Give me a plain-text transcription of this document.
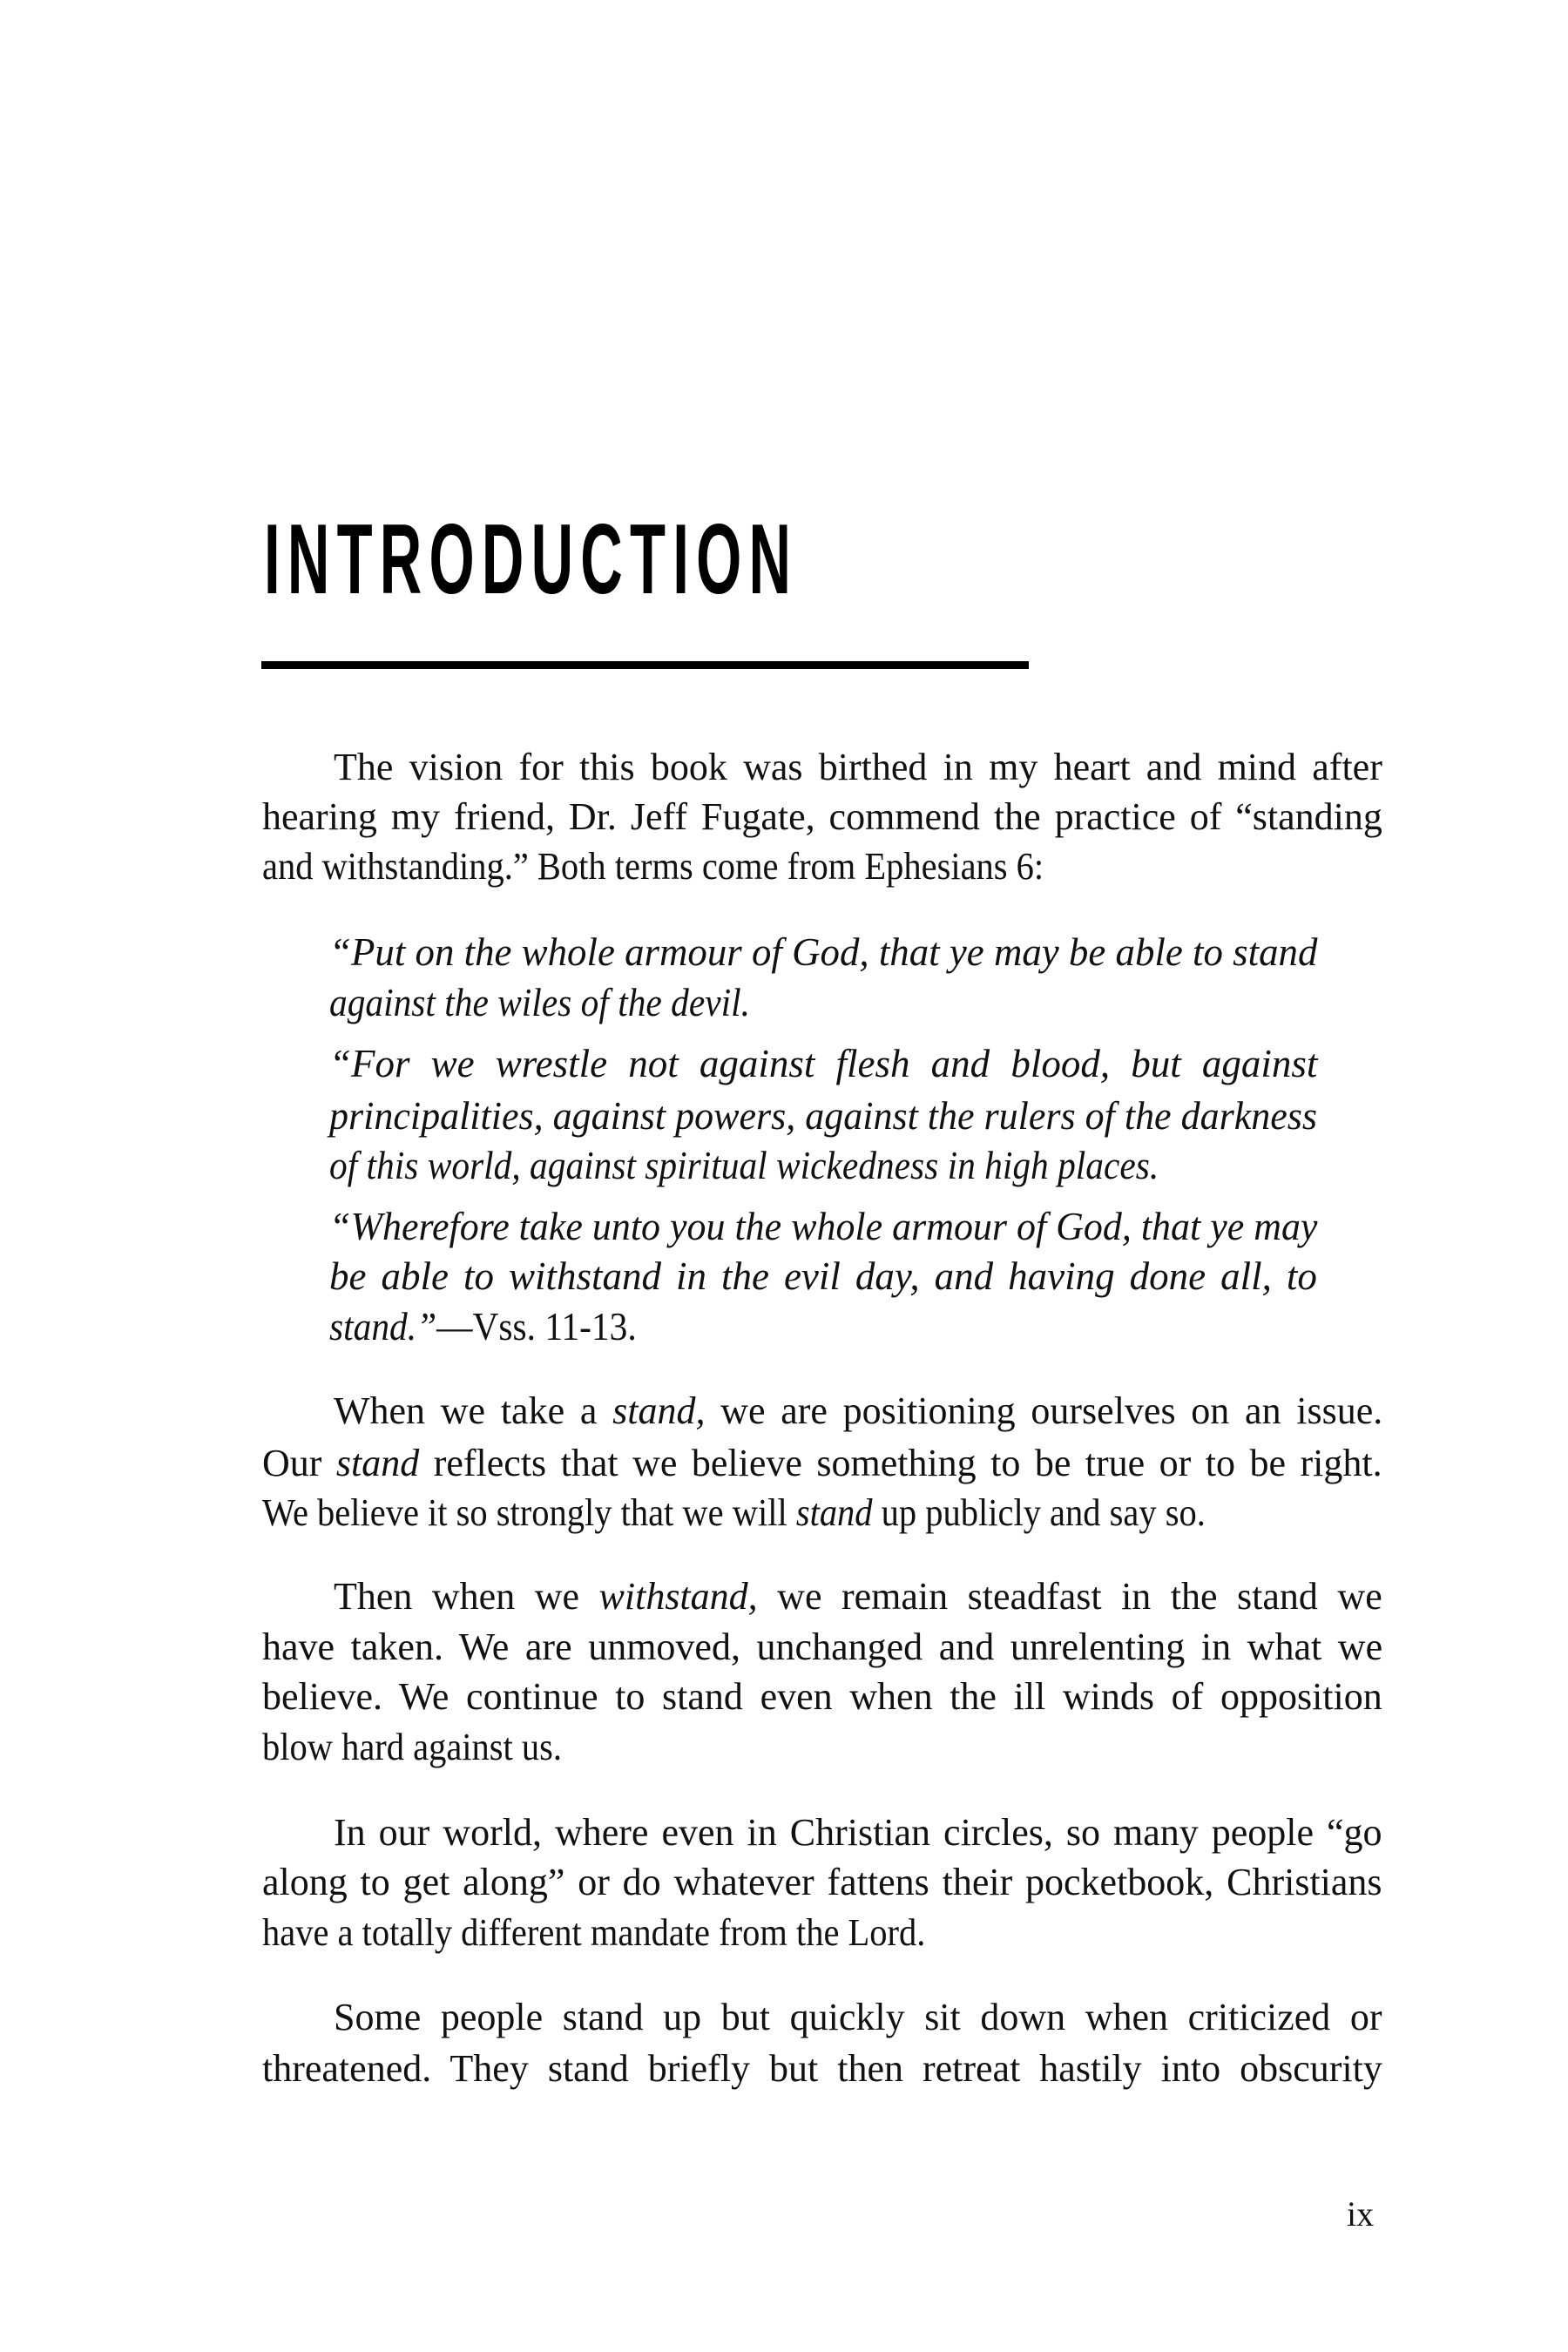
INTRODUCTION
The vision for this book was birthed in my heart and mind after
hearing my friend, Dr. Jeff Fugate, commend the practice of “standing
and withstanding.” Both terms come from Ephesians 6:
“Put on the whole armour of God, that ye may be able to stand
against the wiles of the devil.
“For we wrestle not against flesh and blood, but against
principalities, against powers, against the rulers of the darkness
of this world, against spiritual wickedness in high places.
“Wherefore take unto you the whole armour of God, that ye may
be able to withstand in the evil day, and having done all, to
stand.”—Vss. 11-13.
When we take a stand, we are positioning ourselves on an issue.
Our stand reflects that we believe something to be true or to be right.
We believe it so strongly that we will stand up publicly and say so.
Then when we withstand, we remain steadfast in the stand we
have taken. We are unmoved, unchanged and unrelenting in what we
believe. We continue to stand even when the ill winds of opposition
blow hard against us.
In our world, where even in Christian circles, so many people “go
along to get along” or do whatever fattens their pocketbook, Christians
have a totally different mandate from the Lord.
Some people stand up but quickly sit down when criticized or
threatened. They stand briefly but then retreat hastily into obscurity
ix
